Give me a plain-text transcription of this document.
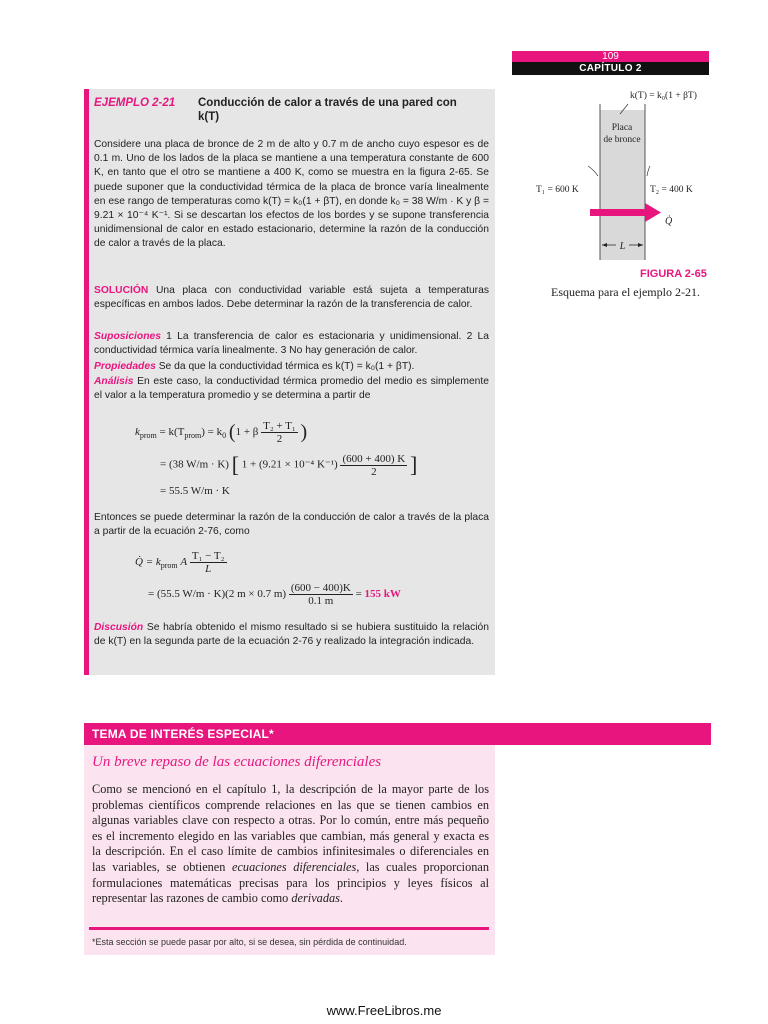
109
CAPÍTULO 2
EJEMPLO 2-21 Conducción de calor a través de una pared con k(T)
Considere una placa de bronce de 2 m de alto y 0.7 m de ancho cuyo espesor es de 0.1 m. Uno de los lados de la placa se mantiene a una temperatura constante de 600 K, en tanto que el otro se mantiene a 400 K, como se muestra en la figura 2-65. Se puede suponer que la conductividad térmica de la placa de bronce varía linealmente en ese rango de temperaturas como k(T) = k₀(1 + βT), en donde k₀ = 38 W/m · K y β = 9.21 × 10⁻⁴ K⁻¹. Si se descartan los efectos de los bordes y se supone transferencia unidimensional de calor en estado estacionario, determine la razón de la conducción de calor a través de la placa.
SOLUCIÓN Una placa con conductividad variable está sujeta a temperaturas específicas en ambos lados. Debe determinar la razón de la transferencia de calor.
Suposiciones 1 La transferencia de calor es estacionaria y unidimensional. 2 La conductividad térmica varía linealmente. 3 No hay generación de calor.
Propiedades Se da que la conductividad térmica es k(T) = k₀(1 + βT).
Análisis En este caso, la conductividad térmica promedio del medio es simplemente el valor a la temperatura promedio y se determina a partir de
$k_{prom} = k(T_{prom}) = k_0$ (1 + β $\frac{\text{T₂ + T₁}}{2}$ )
= (38 W/m · K) [ 1 + (9.21 × 10⁻⁴ $K^{-1}) \frac{(600 + 400) K}{2}$ ]
= 55.5 W/m · K
Entonces se puede determinar la razón de la conducción de calor a través de la placa a partir de la ecuación 2-76, como
Q̇ = $k_{prom}$ A $\frac{\text{T₁ − T₂}}{L}$
= (55.5 W/m · K)(2 m × 0.7 $m) \frac{(600 - 400)K}{0.1 m} = 155$ kW
Discusión Se habría obtenido el mismo resultado si se hubiera sustituido la relación de k(T) en la segunda parte de la ecuación 2-76 y realizado la integración indicada.
k(T) = k₀(1 + βT)
Placa
de bronce
T₁ = 600 K	T₂ = 400 K
Q̇
L
FIGURA 2-65
Esquema para el ejemplo 2-21.
TEMA DE INTERÉS ESPECIAL*
Un breve repaso de las ecuaciones diferenciales
Como se mencionó en el capítulo 1, la descripción de la mayor parte de los problemas científicos comprende relaciones en las que se tienen cambios en algunas variables clave con respecto a otras. Por lo común, entre más pequeño es el incremento elegido en las variables que cambian, más general y exacta es la descripción. En el caso límite de cambios infinitesimales o diferenciales en las variables, se obtienen ecuaciones diferenciales, las cuales proporcionan formulaciones matemáticas precisas para los principios y leyes físicos al representar las razones de cambio como derivadas.
*Esta sección se puede pasar por alto, si se desea, sin pérdida de continuidad.
www.FreeLibros.me
